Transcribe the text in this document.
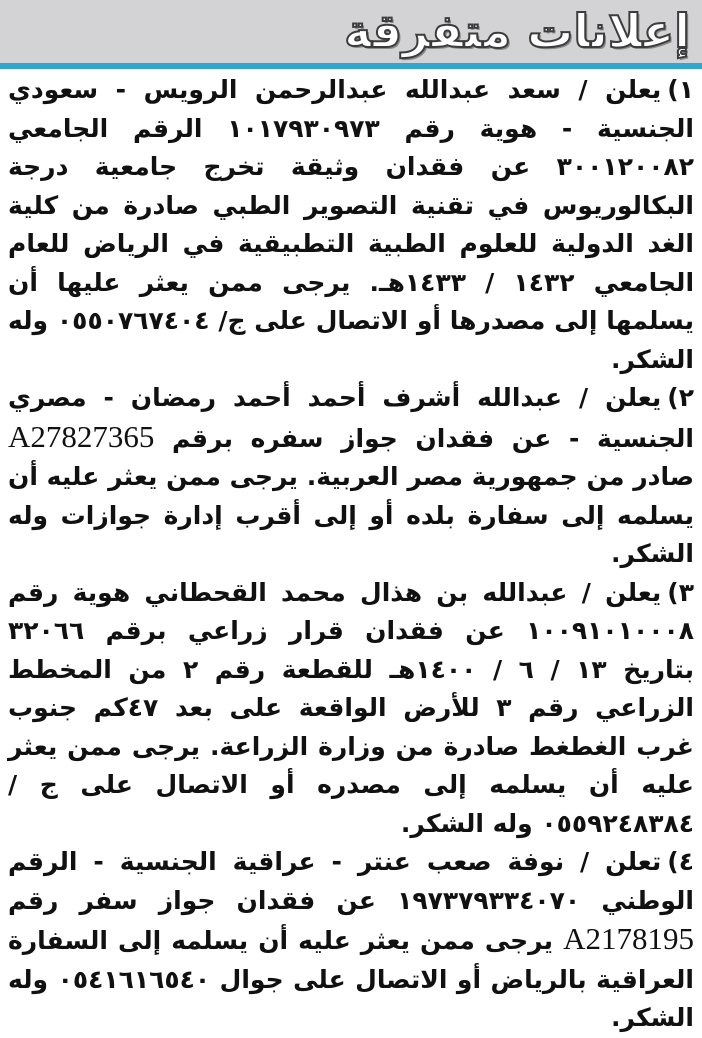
إعلانات متفرقة

١)يعلن / سعد عبدالله عبدالرحمن الرويس - سعودي الجنسية - هوية رقم ١٠١٧٩٣٠٩٧٣ الرقم الجامعي ٣٠٠١٢٠٠٨٢ عن فقدان وثيقة تخرج جامعية درجة البكالوريوس في تقنية التصوير الطبي صادرة من كلية الغد الدولية للعلوم الطبية التطبيقية في الرياض للعام الجامعي ١٤٣٢ / ١٤٣٣هـ. يرجى ممن يعثر عليها أن يسلمها إلى مصدرها أو الاتصال على ج/ ٠٥٥٠٧٦٧٤٠٤ وله الشكر.

٢)يعلن / عبدالله أشرف أحمد أحمد رمضان - مصري الجنسية - عن فقدان جواز سفره برقم A27827365 صادر من جمهورية مصر العربية. يرجى ممن يعثر عليه أن يسلمه إلى سفارة بلده أو إلى أقرب إدارة جوازات وله الشكر.

٣)يعلن / عبدالله بن هذال محمد القحطاني هوية رقم ١٠٠٩١٠١٠٠٠٨ عن فقدان قرار زراعي برقم ٣٢٠٦٦ بتاريخ ١٣ / ٦ / ١٤٠٠هـ للقطعة رقم ٢ من المخطط الزراعي رقم ٣ للأرض الواقعة على بعد ٤٧كم جنوب غرب الغطغط صادرة من وزارة الزراعة. يرجى ممن يعثر عليه أن يسلمه إلى مصدره أو الاتصال على ج / ٠٥٥٩٢٤٨٣٨٤ وله الشكر.

٤)تعلن / نوفة صعب عنتر - عراقية الجنسية - الرقم الوطني ١٩٧٣٧٩٣٣٤٠٧٠ عن فقدان جواز سفر رقم A2178195 يرجى ممن يعثر عليه أن يسلمه إلى السفارة العراقية بالرياض أو الاتصال على جوال ٠٥٤١٦١٦٥٤٠ وله الشكر.
